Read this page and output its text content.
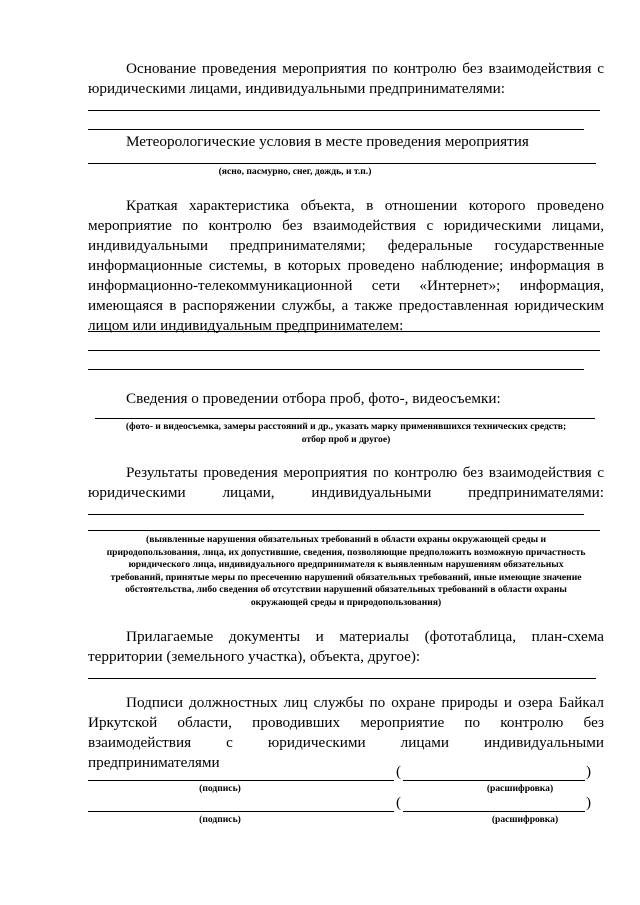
Основание проведения мероприятия по контролю без взаимодействия с
юридическими лицами, индивидуальными предпринимателями:
Метеорологические условия в месте проведения мероприятия
(ясно, пасмурно, снег, дождь, и т.п.)
Краткая характеристика объекта, в отношении которого проведено
мероприятие по контролю без взаимодействия с юридическими лицами,
индивидуальными предпринимателями; федеральные государственные
информационные системы, в которых проведено наблюдение; информация в
информационно-телекоммуникационной сети «Интернет»; информация,
имеющаяся в распоряжении службы, а также предоставленная юридическим
лицом или индивидуальным предпринимателем:
Сведения о проведении отбора проб, фото-, видеосъемки:
(фото- и видеосъемка, замеры расстояний и др., указать марку применявшихся технических средств;
отбор проб и другое)
Результаты проведения мероприятия по контролю без взаимодействия с
юридическими лицами, индивидуальными предпринимателями:
(выявленные нарушения обязательных требований в области охраны окружающей среды и
природопользования, лица, их допустившие, сведения, позволяющие предположить возможную причастность
юридического лица, индивидуального предпринимателя к выявленным нарушениям обязательных
требований, принятые меры по пресечению нарушений обязательных требований, иные имеющие значение
обстоятельства, либо сведения об отсутствии нарушений обязательных требований в области охраны
окружающей среды и природопользования)
Прилагаемые документы и материалы (фототаблица, план-схема
территории (земельного участка), объекта, другое):
Подписи должностных лиц службы по охране природы и озера Байкал
Иркутской области, проводивших мероприятие по контролю без
взаимодействия с юридическими лицами индивидуальными
предпринимателями
(	)
(подпись)	(расшифровка)
(	)
(подпись)	(расшифровка)
